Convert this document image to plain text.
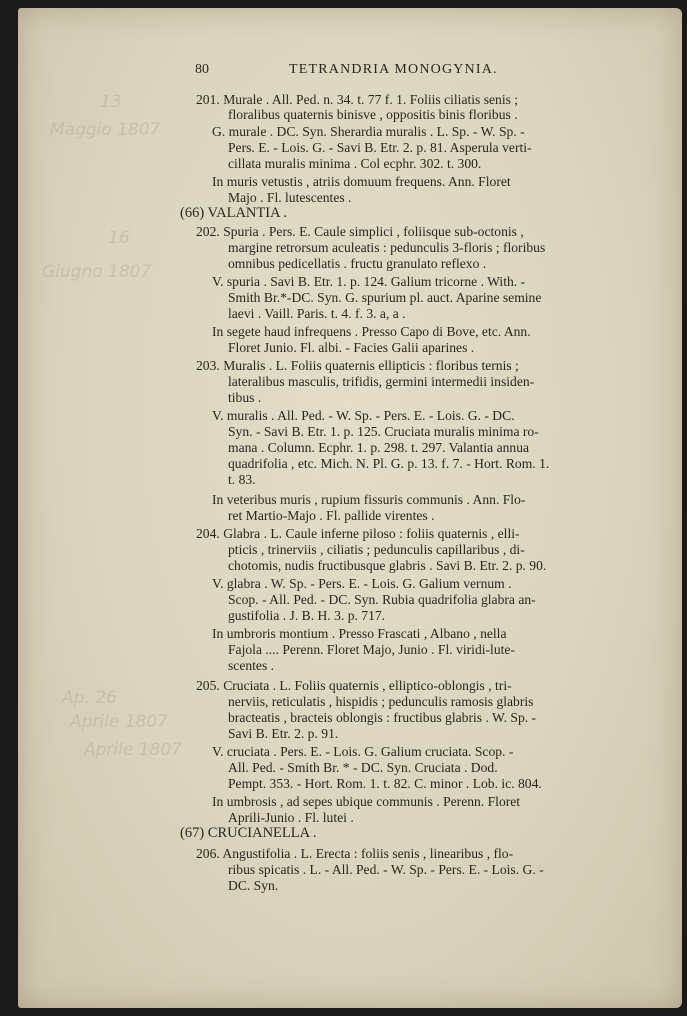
13
Maggio 1807
16
Giugno 1807
Ap. 26
Aprile 1807
Aprile 1807
80	TETRANDRIA MONOGYNIA.
201. Murale . All. Ped. n. 34. t. 77 f. 1. Foliis ciliatis senis ;
floralibus quaternis binisve , oppositis binis floribus .
G. murale . DC. Syn. Sherardia muralis . L. Sp. - W. Sp. -
Pers. E. - Lois. G. - Savi B. Etr. 2. p. 81. Asperula verti-
cillata muralis minima . Col ecphr. 302. t. 300.
In muris vetustis , atriis domuum frequens. Ann. Floret
Majo . Fl. lutescentes .
(66) VALANTIA .
202. Spuria . Pers. E. Caule simplici , foliisque sub-octonis ,
margine retrorsum aculeatis : pedunculis 3-floris ; floribus
omnibus pedicellatis . fructu granulato reflexo .
V. spuria . Savi B. Etr. 1. p. 124. Galium tricorne . With. -
Smith Br.*-DC. Syn. G. spurium pl. auct. Aparine semine
laevi . Vaill. Paris. t. 4. f. 3. a, a .
In segete haud infrequens . Presso Capo di Bove, etc. Ann.
Floret Junio. Fl. albi. - Facies Galii aparines .
203. Muralis . L. Foliis quaternis ellipticis : floribus ternis ;
lateralibus masculis, trifidis, germini intermedii insiden-
tibus .
V. muralis . All. Ped. - W. Sp. - Pers. E. - Lois. G. - DC.
Syn. - Savi B. Etr. 1. p. 125. Cruciata muralis minima ro-
mana . Column. Ecphr. 1. p. 298. t. 297. Valantia annua
quadrifolia , etc. Mich. N. Pl. G. p. 13. f. 7. - Hort. Rom. 1.
t. 83.
In veteribus muris , rupium fissuris communis . Ann. Flo-
ret Martio-Majo . Fl. pallide virentes .
204. Glabra . L. Caule inferne piloso : foliis quaternis , elli-
pticis , trinerviis , ciliatis ; pedunculis capillaribus , di-
chotomis, nudis fructibusque glabris . Savi B. Etr. 2. p. 90.
V. glabra . W. Sp. - Pers. E. - Lois. G. Galium vernum .
Scop. - All. Ped. - DC. Syn. Rubia quadrifolia glabra an-
gustifolia . J. B. H. 3. p. 717.
In umbroris montium . Presso Frascati , Albano , nella
Fajola .... Perenn. Floret Majo, Junio . Fl. viridi-lute-
scentes .
205. Cruciata . L. Foliis quaternis , elliptico-oblongis , tri-
nerviis, reticulatis , hispidis ; pedunculis ramosis glabris
bracteatis , bracteis oblongis : fructibus glabris . W. Sp. -
Savi B. Etr. 2. p. 91.
V. cruciata . Pers. E. - Lois. G. Galium cruciata. Scop. -
All. Ped. - Smith Br. * - DC. Syn. Cruciata . Dod.
Pempt. 353. - Hort. Rom. 1. t. 82. C. minor . Lob. ic. 804.
In umbrosis , ad sepes ubique communis . Perenn. Floret
Aprili-Junio . Fl. lutei .
(67) CRUCIANELLA .
206. Angustifolia . L. Erecta : foliis senis , linearibus , flo-
ribus spicatis . L. - All. Ped. - W. Sp. - Pers. E. - Lois. G. -
DC. Syn.
